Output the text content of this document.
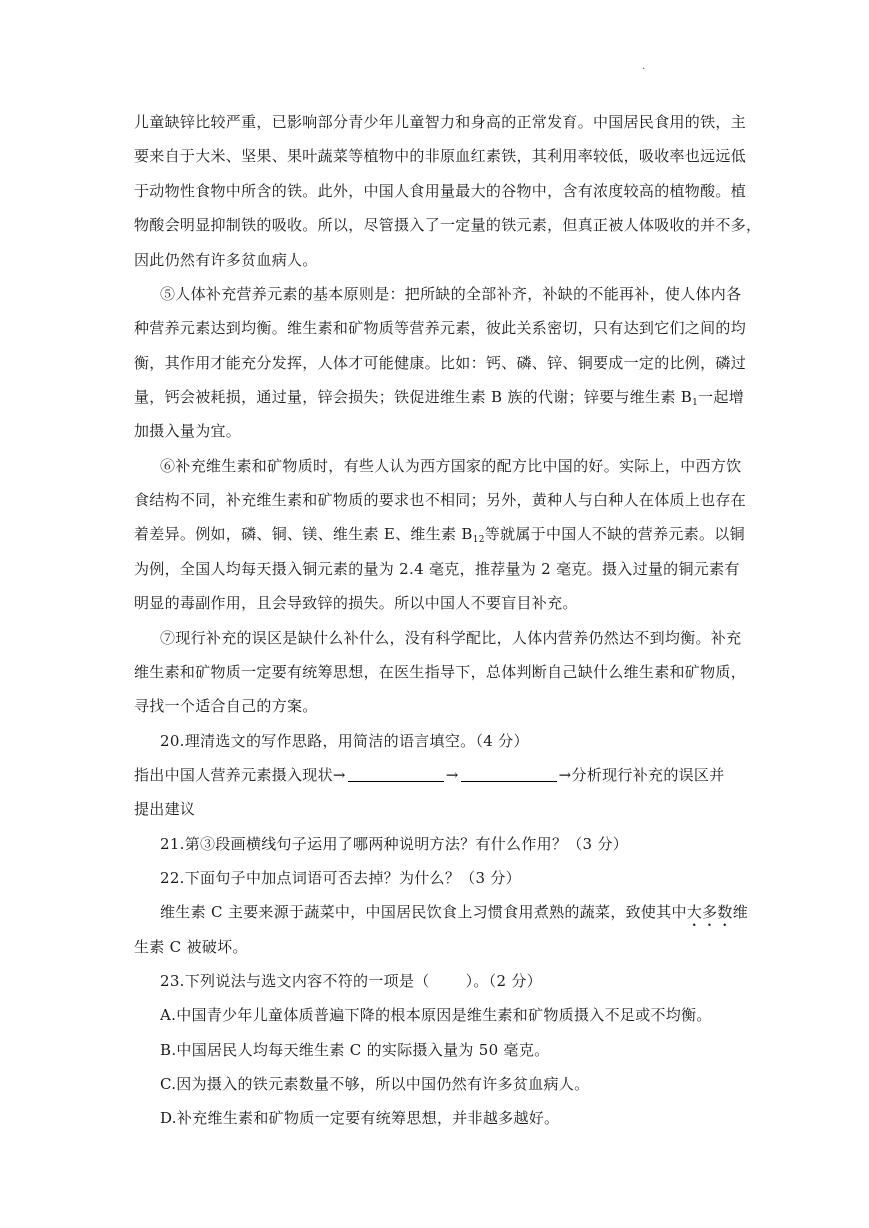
·
儿童缺锌比较严重，已影响部分青少年儿童智力和身高的正常发育。中国居民食用的铁，主
要来自于大米、坚果、果叶蔬菜等植物中的非原血红素铁，其利用率较低，吸收率也远远低
于动物性食物中所含的铁。此外，中国人食用量最大的谷物中，含有浓度较高的植物酸。植
物酸会明显抑制铁的吸收。所以，尽管摄入了一定量的铁元素，但真正被人体吸收的并不多，
因此仍然有许多贫血病人。
⑤人体补充营养元素的基本原则是：把所缺的全部补齐，补缺的不能再补，使人体内各
种营养元素达到均衡。维生素和矿物质等营养元素，彼此关系密切，只有达到它们之间的均
衡，其作用才能充分发挥，人体才可能健康。比如：钙、磷、锌、铜要成一定的比例，磷过
量，钙会被耗损，通过量，锌会损失；铁促进维生素 B 族的代谢；锌要与维生素 $B_1$一起增
加摄入量为宜。
⑥补充维生素和矿物质时，有些人认为西方国家的配方比中国的好。实际上，中西方饮
食结构不同，补充维生素和矿物质的要求也不相同；另外，黄种人与白种人在体质上也存在
着差异。例如，磷、铜、镁、维生素 E、维生素 $B_{12}$等就属于中国人不缺的营养元素。以铜
为例，全国人均每天摄入铜元素的量为 2.4 毫克，推荐量为 2 毫克。摄入过量的铜元素有
明显的毒副作用，且会导致锌的损失。所以中国人不要盲目补充。
⑦现行补充的误区是缺什么补什么，没有科学配比，人体内营养仍然达不到均衡。补充
维生素和矿物质一定要有统筹思想，在医生指导下，总体判断自己缺什么维生素和矿物质，
寻找一个适合自己的方案。
20.理清选文的写作思路，用简洁的语言填空。（4 分）
指出中国人营养元素摄入现状→	→	→分析现行补充的误区并
提出建议
21.第③段画横线句子运用了哪两种说明方法？有什么作用？（3 分）
22.下面句子中加点词语可否去掉？为什么？（3 分）
维生素 C 主要来源于蔬菜中，中国居民饮食上习惯食用煮熟的蔬菜，致使其中大多数维
生素 C 被破坏。
23.下列说法与选文内容不符的一项是（ ）。（2 分）
A.中国青少年儿童体质普遍下降的根本原因是维生素和矿物质摄入不足或不均衡。
B.中国居民人均每天维生素 C 的实际摄入量为 50 毫克。
C.因为摄入的铁元素数量不够，所以中国仍然有许多贫血病人。
D.补充维生素和矿物质一定要有统筹思想，并非越多越好。
